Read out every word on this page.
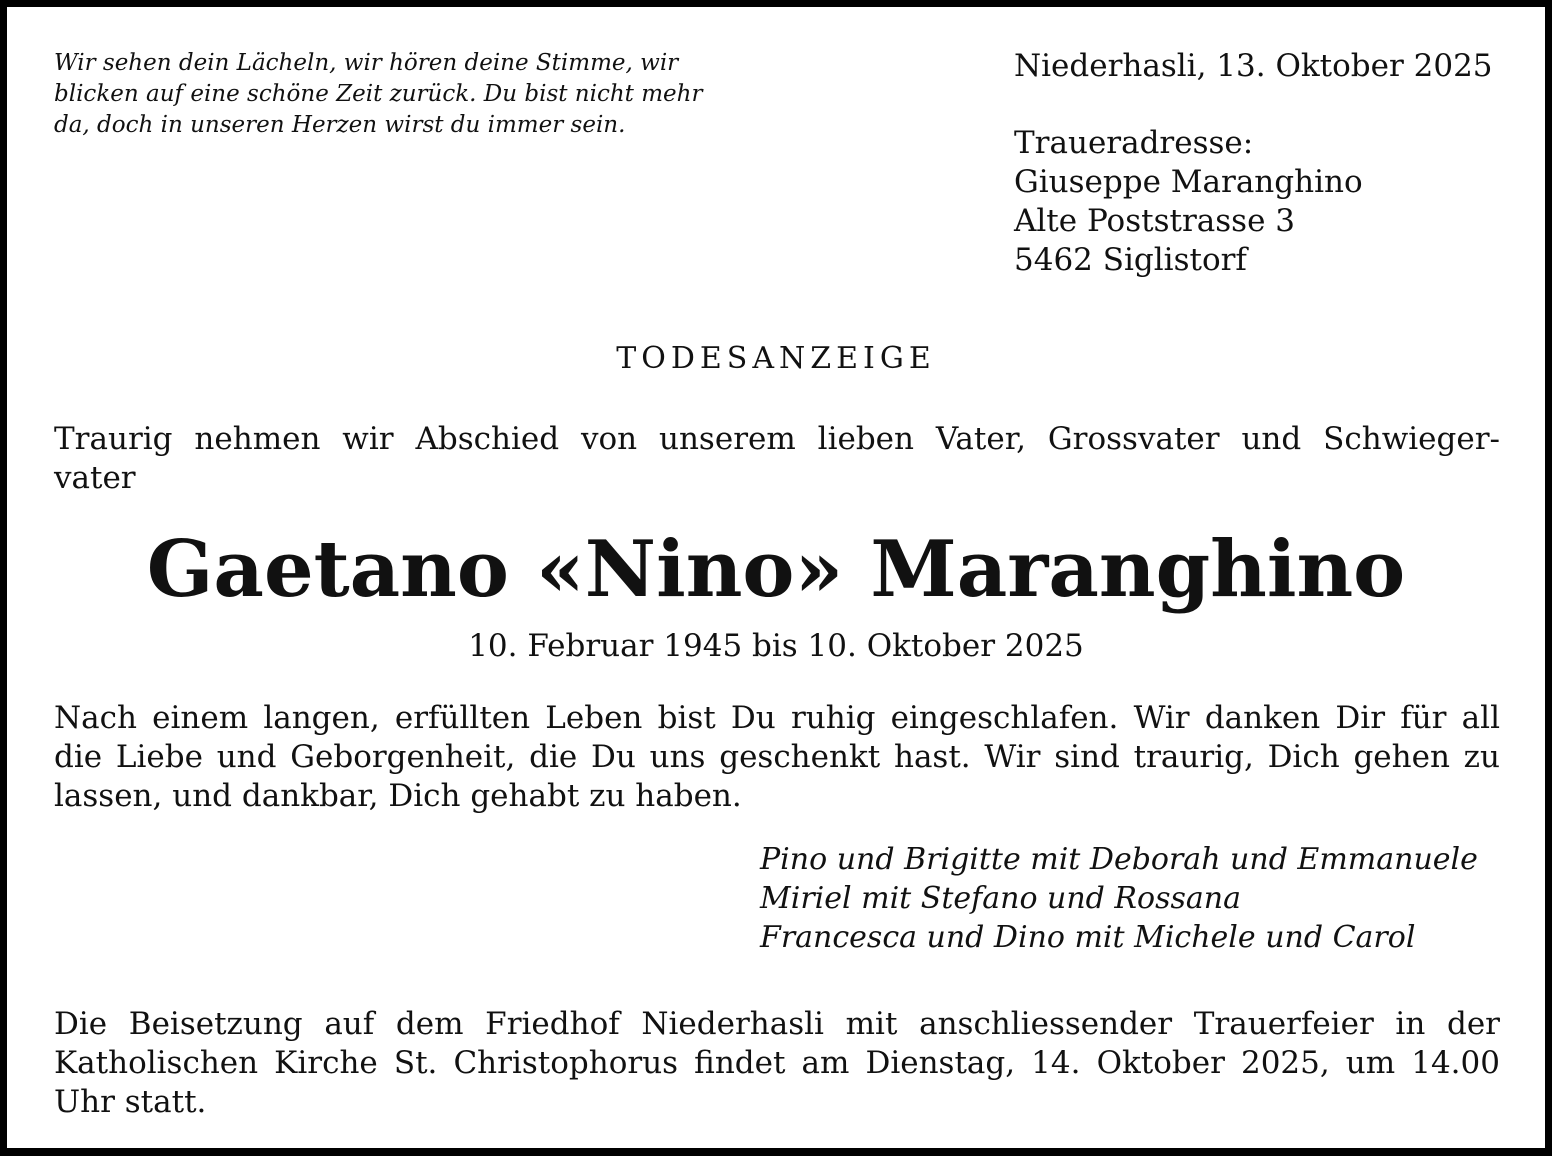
Wir sehen dein Lächeln, wir hören deine Stimme, wir
blicken auf eine schöne Zeit zurück. Du bist nicht mehr
da, doch in unseren Herzen wirst du immer sein.
Niederhasli, 13. Oktober 2025
Traueradresse:
Giuseppe Maranghino
Alte Poststrasse 3
5462 Siglistorf
TODESANZEIGE
Traurig nehmen wir Abschied von unserem lieben Vater, Grossvater und Schwieger-
vater
Gaetano «Nino» Maranghino
10. Februar 1945 bis 10. Oktober 2025
Nach einem langen, erfüllten Leben bist Du ruhig eingeschlafen. Wir danken Dir für all
die Liebe und Geborgenheit, die Du uns geschenkt hast. Wir sind traurig, Dich gehen zu
lassen, und dankbar, Dich gehabt zu haben.
Pino und Brigitte mit Deborah und Emmanuele
Miriel mit Stefano und Rossana
Francesca und Dino mit Michele und Carol
Die Beisetzung auf dem Friedhof Niederhasli mit anschliessender Trauerfeier in der
Katholischen Kirche St. Christophorus findet am Dienstag, 14. Oktober 2025, um 14.00
Uhr statt.
